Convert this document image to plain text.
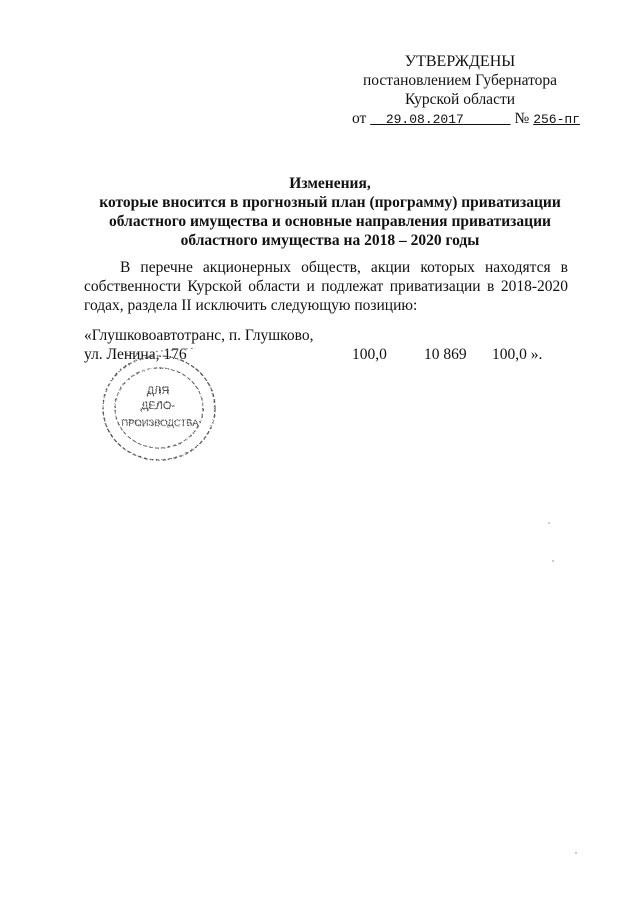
УТВЕРЖДЕНЫ
постановлением Губернатора
Курской области
от 29.08.2017	№ 256-пг
Изменения,
которые вносится в прогнозный план (программу) приватизации
областного имущества и основные направления приватизации
областного имущества на 2018 – 2020 годы
В перечне акционерных обществ, акции которых находятся в собственности Курской области и подлежат приватизации в 2018-2020 годах, раздела II исключить следующую позицию:
«Глушковоавтотранс, п. Глушково,
ул. Ленина, 176	100,0 10 869 100,0 ».
ДЛЯ
ДЕЛО-
ПРОИЗВОДСТВА
